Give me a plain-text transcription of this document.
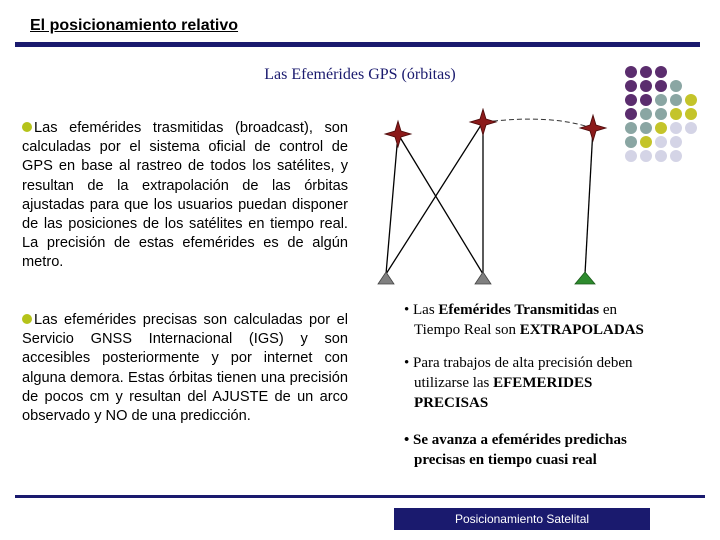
El posicionamiento relativo
Las Efemérides GPS (órbitas)
Las efemérides trasmitidas (broadcast), son calculadas por el sistema oficial de control de GPS en base al rastreo de todos los satélites, y resultan de la extrapolación de las órbitas ajustadas para que los usuarios puedan disponer de las posiciones de los satélites en tiempo real. La precisión de estas efemérides es de algún metro.
Las efemérides precisas son calculadas por el Servicio GNSS Internacional (IGS) y son accesibles posteriormente y por internet con alguna demora. Estas órbitas tienen una precisión de pocos cm y resultan del AJUSTE de un arco observado y NO de una predicción.
• Las Efemérides Transmitidas en
Tiempo Real son EXTRAPOLADAS
• Para trabajos de alta precisión deben
utilizarse las EFEMERIDES
PRECISAS
• Se avanza a efemérides predichas
precisas en tiempo cuasi real
Posicionamiento Satelital
